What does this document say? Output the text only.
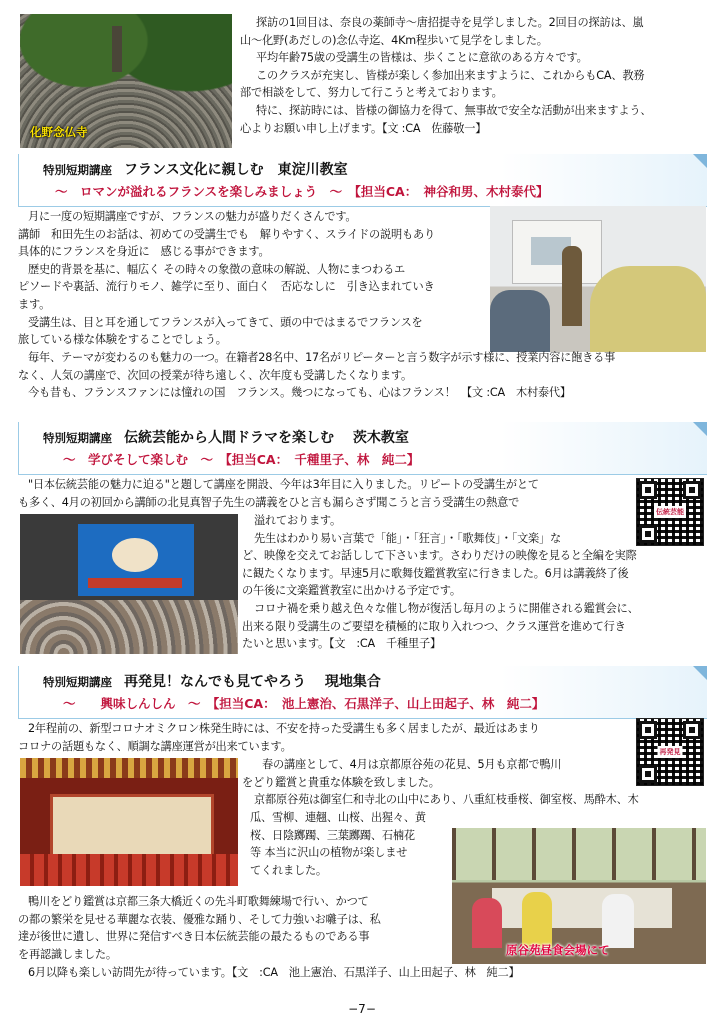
化野念仏寺
探訪の1回目は、奈良の薬師寺〜唐招提寺を見学しました。2回目の探訪は、嵐
山〜化野(あだしの)念仏寺迄、4Km程歩いて見学をしました。
平均年齢75歳の受講生の皆様は、歩くことに意欲のある方々です。
このクラスが充実し、皆様が楽しく参加出来ますように、これからもCA、教務
部で相談をして、努力して行こうと考えております。
特に、探訪時には、皆様の御協力を得て、無事故で安全な活動が出来ますよう、
心よりお願い申し上げます。【文 :CA　佐藤敬一】
特別短期講座 フランス文化に親しむ　東淀川教室
〜　ロマンが溢れるフランスを楽しみましょう　〜　【担当CA：　神谷和男、木村泰代】
月に一度の短期講座ですが、フランスの魅力が盛りだくさんです。
講師　和田先生のお話は、初めての受講生でも　解りやすく、スライドの説明もあり
具体的にフランスを身近に　感じる事ができます。
歴史的背景を基に、幅広く その時々の象徴の意味の解説、人物にまつわるエ
ピソードや裏話、流行りモノ、雑学に至り、面白く　否応なしに　引き込まれていき
ます。
受講生は、目と耳を通してフランスが入ってきて、頭の中ではまるでフランスを
旅している様な体験をすることでしょう。
毎年、テーマが変わるのも魅力の一つ。在籍者28名中、17名がリピーターと言う数字が示す様に、授業内容に飽きる事
なく、人気の講座で、次回の授業が待ち遠しく、次年度も受講したくなります。
今も昔も、フランスファンには憧れの国　フランス。幾つになっても、心はフランス！　【文 :CA　木村泰代】
特別短期講座 伝統芸能から人間ドラマを楽しむ　 茨木教室
〜　学びそして楽しむ　〜　【担当CA：　千種里子、林　純二】
伝統芸能
"日本伝統芸能の魅力に迫る"と題して講座を開設、今年は3年目に入りました。リピートの受講生がとて
も多く、4月の初回から講師の北見真智子先生の講義をひと言も漏らさず聞こうと言う受講生の熱意で
溢れております。
先生はわかり易い言葉で「能」・「狂言」・「歌舞伎」・「文楽」な
ど、映像を交えてお話しして下さいます。さわりだけの映像を見ると全編を実際
に観たくなります。早速5月に歌舞伎鑑賞教室に行きました。6月は講義終了後
の午後に文楽鑑賞教室に出かける予定です。
コロナ禍を乗り越え色々な催し物が復活し毎月のように開催される鑑賞会に、
出来る限り受講生のご要望を積極的に取り入れつつ、クラス運営を進めて行き
たいと思います。【文　:CA　千種里子】
特別短期講座 再発見！なんでも見てやろう　 現地集合
〜　　興味しんしん　〜　【担当CA：　池上憲治、石黒洋子、山上田起子、林　純二】
2年程前の、新型コロナオミクロン株発生時には、不安を持った受講生も多く居ましたが、最近はあまり
コロナの話題もなく、順調な講座運営が出来ています。	再発見
春の講座として、4月は京都原谷苑の花見、5月も京都で鴨川
をどり鑑賞と貴重な体験を致しました。
京都原谷苑は御室仁和寺北の山中にあり、八重紅枝垂桜、御室桜、馬酔木、木
瓜、雪柳、連翹、山桜、出猩々、黄
桜、日陰躑躅、三葉躑躅、石楠花
等 本当に沢山の植物が楽しませ
てくれました。
原谷苑昼食会場にて
鴨川をどり鑑賞は京都三条大橋近くの先斗町歌舞練場で行い、かつて
の都の繁栄を見せる華麗な衣装、優雅な踊り、そして力強いお囃子は、私
達が後世に遺し、世界に発信すべき日本伝統芸能の最たるものである事
を再認識しました。
6月以降も楽しい訪問先が待っています。【文　:CA　池上憲治、石黒洋子、山上田起子、林　純二】
−7−
